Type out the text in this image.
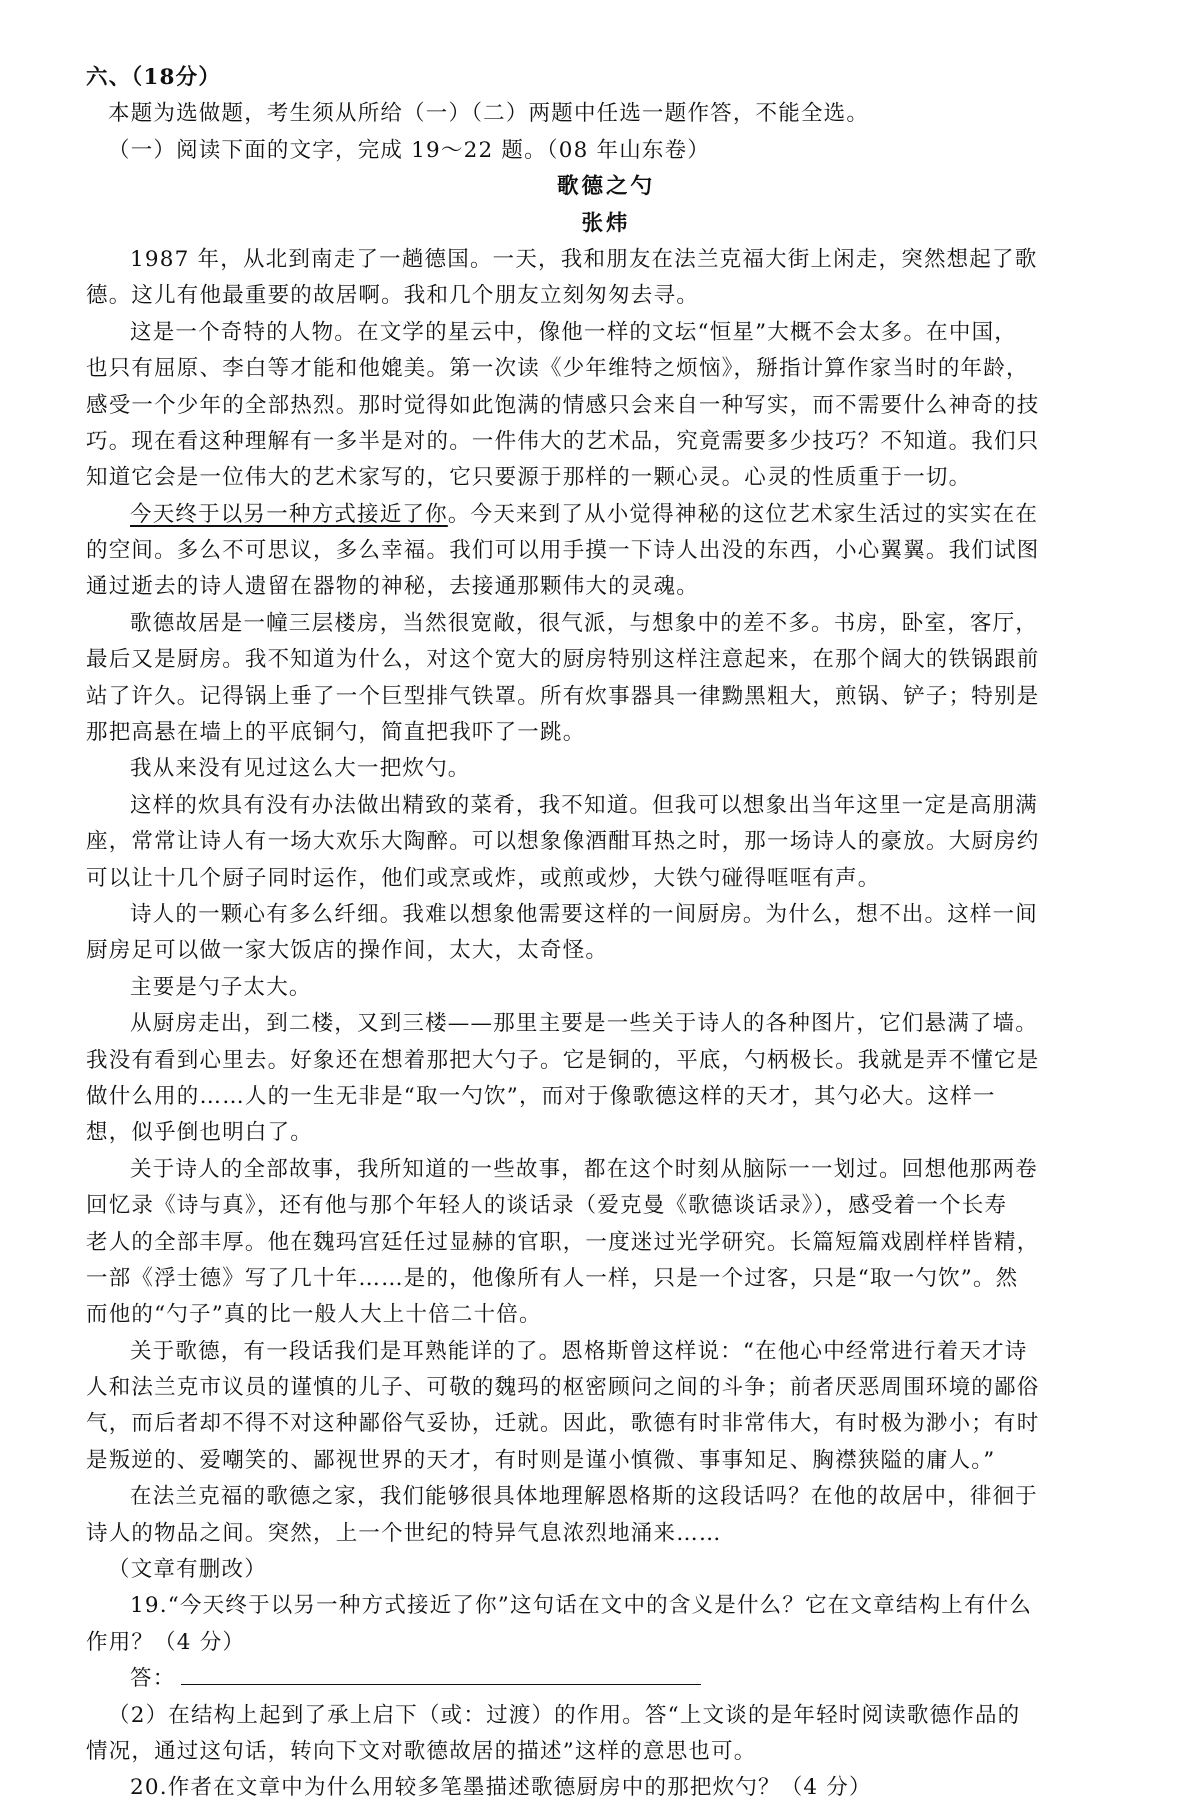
六、（18分）
本题为选做题，考生须从所给（一）（二）两题中任选一题作答，不能全选。
（一）阅读下面的文字，完成 19～22 题。（08 年山东卷）
歌德之勺
张炜
1987 年，从北到南走了一趟德国。一天，我和朋友在法兰克福大街上闲走，突然想起了歌
德。这儿有他最重要的故居啊。我和几个朋友立刻匆匆去寻。
这是一个奇特的人物。在文学的星云中，像他一样的文坛“恒星”大概不会太多。在中国，
也只有屈原、李白等才能和他媲美。第一次读《少年维特之烦恼》，掰指计算作家当时的年龄，
感受一个少年的全部热烈。那时觉得如此饱满的情感只会来自一种写实，而不需要什么神奇的技
巧。现在看这种理解有一多半是对的。一件伟大的艺术品，究竟需要多少技巧？不知道。我们只
知道它会是一位伟大的艺术家写的，它只要源于那样的一颗心灵。心灵的性质重于一切。
今天终于以另一种方式接近了你。今天来到了从小觉得神秘的这位艺术家生活过的实实在在
的空间。多么不可思议，多么幸福。我们可以用手摸一下诗人出没的东西，小心翼翼。我们试图
通过逝去的诗人遗留在器物的神秘，去接通那颗伟大的灵魂。
歌德故居是一幢三层楼房，当然很宽敞，很气派，与想象中的差不多。书房，卧室，客厅，
最后又是厨房。我不知道为什么，对这个宽大的厨房特别这样注意起来，在那个阔大的铁锅跟前
站了许久。记得锅上垂了一个巨型排气铁罩。所有炊事器具一律黝黑粗大，煎锅、铲子；特别是
那把高悬在墙上的平底铜勺，简直把我吓了一跳。
我从来没有见过这么大一把炊勺。
这样的炊具有没有办法做出精致的菜肴，我不知道。但我可以想象出当年这里一定是高朋满
座，常常让诗人有一场大欢乐大陶醉。可以想象像酒酣耳热之时，那一场诗人的豪放。大厨房约
可以让十几个厨子同时运作，他们或烹或炸，或煎或炒，大铁勺碰得哐哐有声。
诗人的一颗心有多么纤细。我难以想象他需要这样的一间厨房。为什么，想不出。这样一间
厨房足可以做一家大饭店的操作间，太大，太奇怪。
主要是勺子太大。
从厨房走出，到二楼，又到三楼——那里主要是一些关于诗人的各种图片，它们悬满了墙。
我没有看到心里去。好象还在想着那把大勺子。它是铜的，平底，勺柄极长。我就是弄不懂它是
做什么用的……人的一生无非是“取一勺饮”，而对于像歌德这样的天才，其勺必大。这样一
想，似乎倒也明白了。
关于诗人的全部故事，我所知道的一些故事，都在这个时刻从脑际一一划过。回想他那两卷
回忆录《诗与真》，还有他与那个年轻人的谈话录（爱克曼《歌德谈话录》），感受着一个长寿
老人的全部丰厚。他在魏玛宫廷任过显赫的官职，一度迷过光学研究。长篇短篇戏剧样样皆精，
一部《浮士德》写了几十年……是的，他像所有人一样，只是一个过客，只是“取一勺饮”。然
而他的“勺子”真的比一般人大上十倍二十倍。
关于歌德，有一段话我们是耳熟能详的了。恩格斯曾这样说：“在他心中经常进行着天才诗
人和法兰克市议员的谨慎的儿子、可敬的魏玛的枢密顾问之间的斗争；前者厌恶周围环境的鄙俗
气，而后者却不得不对这种鄙俗气妥协，迁就。因此，歌德有时非常伟大，有时极为渺小；有时
是叛逆的、爱嘲笑的、鄙视世界的天才，有时则是谨小慎微、事事知足、胸襟狭隘的庸人。”
在法兰克福的歌德之家，我们能够很具体地理解恩格斯的这段话吗？在他的故居中，徘徊于
诗人的物品之间。突然，上一个世纪的特异气息浓烈地涌来……
（文章有删改）
19.“今天终于以另一种方式接近了你”这句话在文中的含义是什么？它在文章结构上有什么
作用？（4 分）
答：
（2）在结构上起到了承上启下（或：过渡）的作用。答“上文谈的是年轻时阅读歌德作品的
情况，通过这句话，转向下文对歌德故居的描述”这样的意思也可。
20.作者在文章中为什么用较多笔墨描述歌德厨房中的那把炊勺？（4 分）
